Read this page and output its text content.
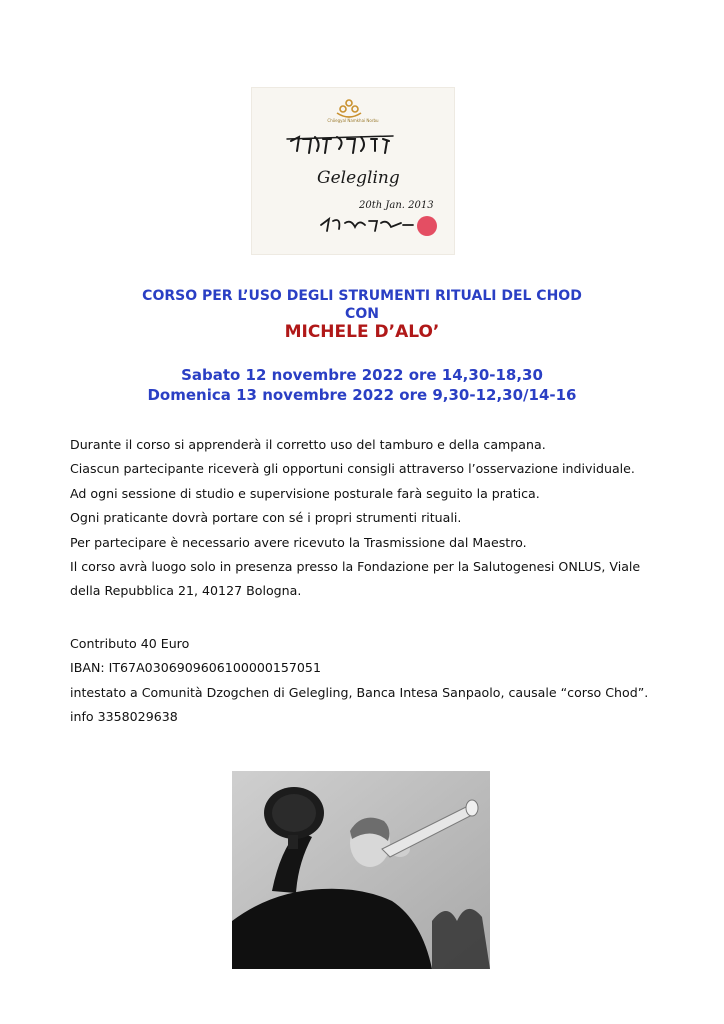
Gelegling
20th Jan. 2013
Chöegyal Namkhai Norbu
CORSO PER L’USO DEGLI STRUMENTI RITUALI DEL CHOD
CON
MICHELE D’ALO’
Sabato 12 novembre 2022 ore 14,30-18,30
Domenica 13 novembre 2022 ore 9,30-12,30/14-16

Durante il corso si apprenderà il corretto uso del tamburo e della campana.

Ciascun partecipante riceverà gli opportuni consigli attraverso l’osservazione individuale.

Ad ogni sessione di studio e supervisione posturale farà seguito la pratica.

Ogni praticante dovrà portare con sé i propri strumenti rituali.

Per partecipare è necessario avere ricevuto la Trasmissione dal Maestro.

Il corso avrà luogo solo in presenza presso la Fondazione per la Salutogenesi ONLUS, Viale

della Repubblica 21, 40127 Bologna.

Contributo 40 Euro

IBAN: IT67A0306909606100000157051

intestato a Comunità Dzogchen di Gelegling, Banca Intesa Sanpaolo, causale “corso Chod”.

info 3358029638
